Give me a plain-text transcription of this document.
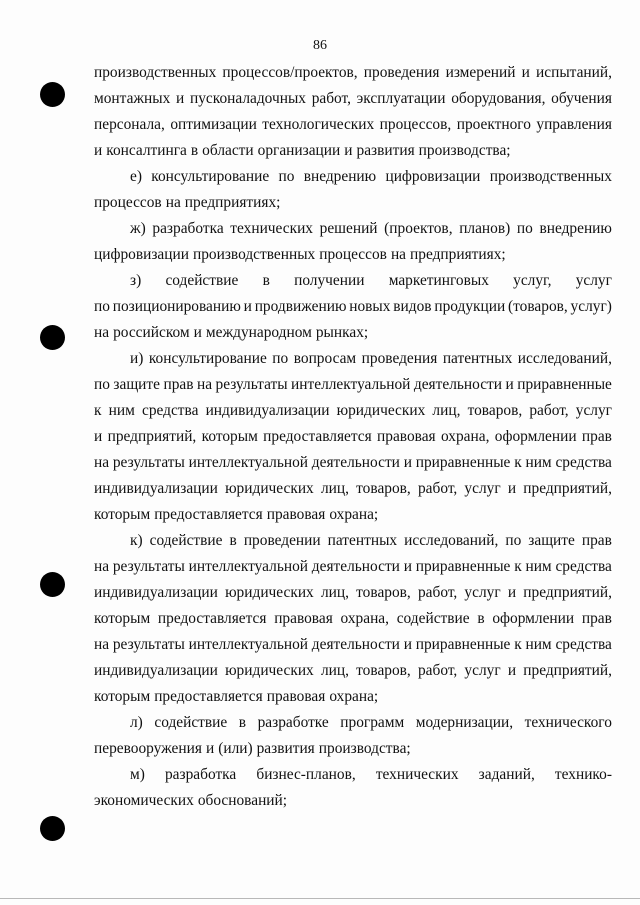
86
производственных процессов/проектов, проведения измерений и испытаний,
монтажных и пусконаладочных работ, эксплуатации оборудования, обучения
персонала, оптимизации технологических процессов, проектного управления
и консалтинга в области организации и развития производства;
е) консультирование по внедрению цифровизации производственных
процессов на предприятиях;
ж) разработка технических решений (проектов, планов) по внедрению
цифровизации производственных процессов на предприятиях;
з) содействие в получении маркетинговых услуг, услуг
по позиционированию и продвижению новых видов продукции (товаров, услуг)
на российском и международном рынках;
и) консультирование по вопросам проведения патентных исследований,
по защите прав на результаты интеллектуальной деятельности и приравненные
к ним средства индивидуализации юридических лиц, товаров, работ, услуг
и предприятий, которым предоставляется правовая охрана, оформлении прав
на результаты интеллектуальной деятельности и приравненные к ним средства
индивидуализации юридических лиц, товаров, работ, услуг и предприятий,
которым предоставляется правовая охрана;
к) содействие в проведении патентных исследований, по защите прав
на результаты интеллектуальной деятельности и приравненные к ним средства
индивидуализации юридических лиц, товаров, работ, услуг и предприятий,
которым предоставляется правовая охрана, содействие в оформлении прав
на результаты интеллектуальной деятельности и приравненные к ним средства
индивидуализации юридических лиц, товаров, работ, услуг и предприятий,
которым предоставляется правовая охрана;
л) содействие в разработке программ модернизации, технического
перевооружения и (или) развития производства;
м) разработка бизнес-планов, технических заданий, технико-
экономических обоснований;
